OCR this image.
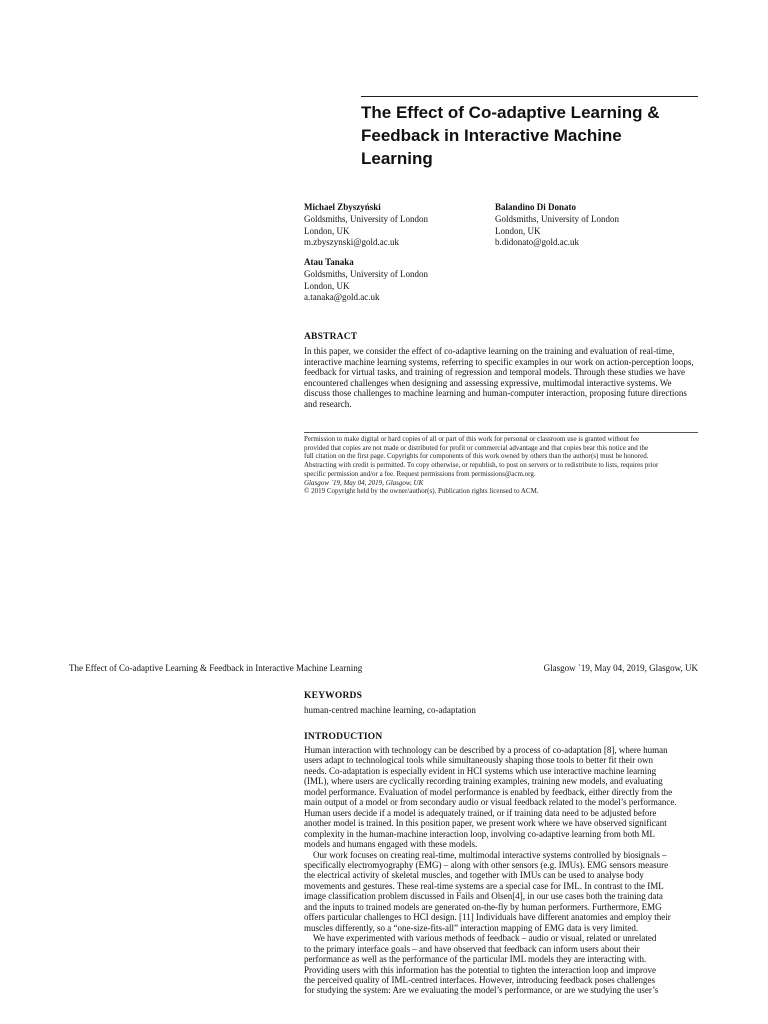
The Effect of Co-adaptive Learning &
Feedback in Interactive Machine
Learning
Michael Zbyszyński
Goldsmiths, University of London
London, UK
m.zbyszynski@gold.ac.uk
Balandino Di Donato
Goldsmiths, University of London
London, UK
b.didonato@gold.ac.uk
Atau Tanaka
Goldsmiths, University of London
London, UK
a.tanaka@gold.ac.uk
ABSTRACT

In this paper, we consider the effect of co-adaptive learning on the training and evaluation of real-time, interactive machine learning systems, referring to specific examples in our work on action-perception loops, feedback for virtual tasks, and training of regression and temporal models. Through these studies we have encountered challenges when designing and assessing expressive, multimodal interactive systems. We discuss those challenges to machine learning and human-computer interaction, proposing future directions and research.

Permission to make digital or hard copies of all or part of this work for personal or classroom use is granted without fee
provided that copies are not made or distributed for profit or commercial advantage and that copies bear this notice and the
full citation on the first page. Copyrights for components of this work owned by others than the author(s) must be honored.
Abstracting with credit is permitted. To copy otherwise, or republish, to post on servers or to redistribute to lists, requires prior
specific permission and/or a fee. Request permissions from permissions@acm.org.
Glasgow `19, May 04, 2019, Glasgow, UK
© 2019 Copyright held by the owner/author(s). Publication rights licensed to ACM.
The Effect of Co-adaptive Learning & Feedback in Interactive Machine Learning	Glasgow `19, May 04, 2019, Glasgow, UK
KEYWORDS

human-centred machine learning, co-adaptation

INTRODUCTION
Human interaction with technology can be described by a process of co-adaptation [8], where human
users adapt to technological tools while simultaneously shaping those tools to better fit their own
needs. Co-adaptation is especially evident in HCI systems which use interactive machine learning
(IML), where users are cyclically recording training examples, training new models, and evaluating
model performance. Evaluation of model performance is enabled by feedback, either directly from the
main output of a model or from secondary audio or visual feedback related to the model’s performance.
Human users decide if a model is adequately trained, or if training data need to be adjusted before
another model is trained. In this position paper, we present work where we have observed significant
complexity in the human-machine interaction loop, involving co-adaptive learning from both ML
models and humans engaged with these models.
Our work focuses on creating real-time, multimodal interactive systems controlled by biosignals –
specifically electromyography (EMG) – along with other sensors (e.g. IMUs). EMG sensors measure
the electrical activity of skeletal muscles, and together with IMUs can be used to analyse body
movements and gestures. These real-time systems are a special case for IML. In contrast to the IML
image classification problem discussed in Fails and Olsen[4], in our use cases both the training data
and the inputs to trained models are generated on-the-fly by human performers. Furthermore, EMG
offers particular challenges to HCI design. [11] Individuals have different anatomies and employ their
muscles differently, so a “one-size-fits-all” interaction mapping of EMG data is very limited.
We have experimented with various methods of feedback – audio or visual, related or unrelated
to the primary interface goals – and have observed that feedback can inform users about their
performance as well as the performance of the particular IML models they are interacting with.
Providing users with this information has the potential to tighten the interaction loop and improve
the perceived quality of IML-centred interfaces. However, introducing feedback poses challenges
for studying the system: Are we evaluating the model’s performance, or are we studying the user’s
